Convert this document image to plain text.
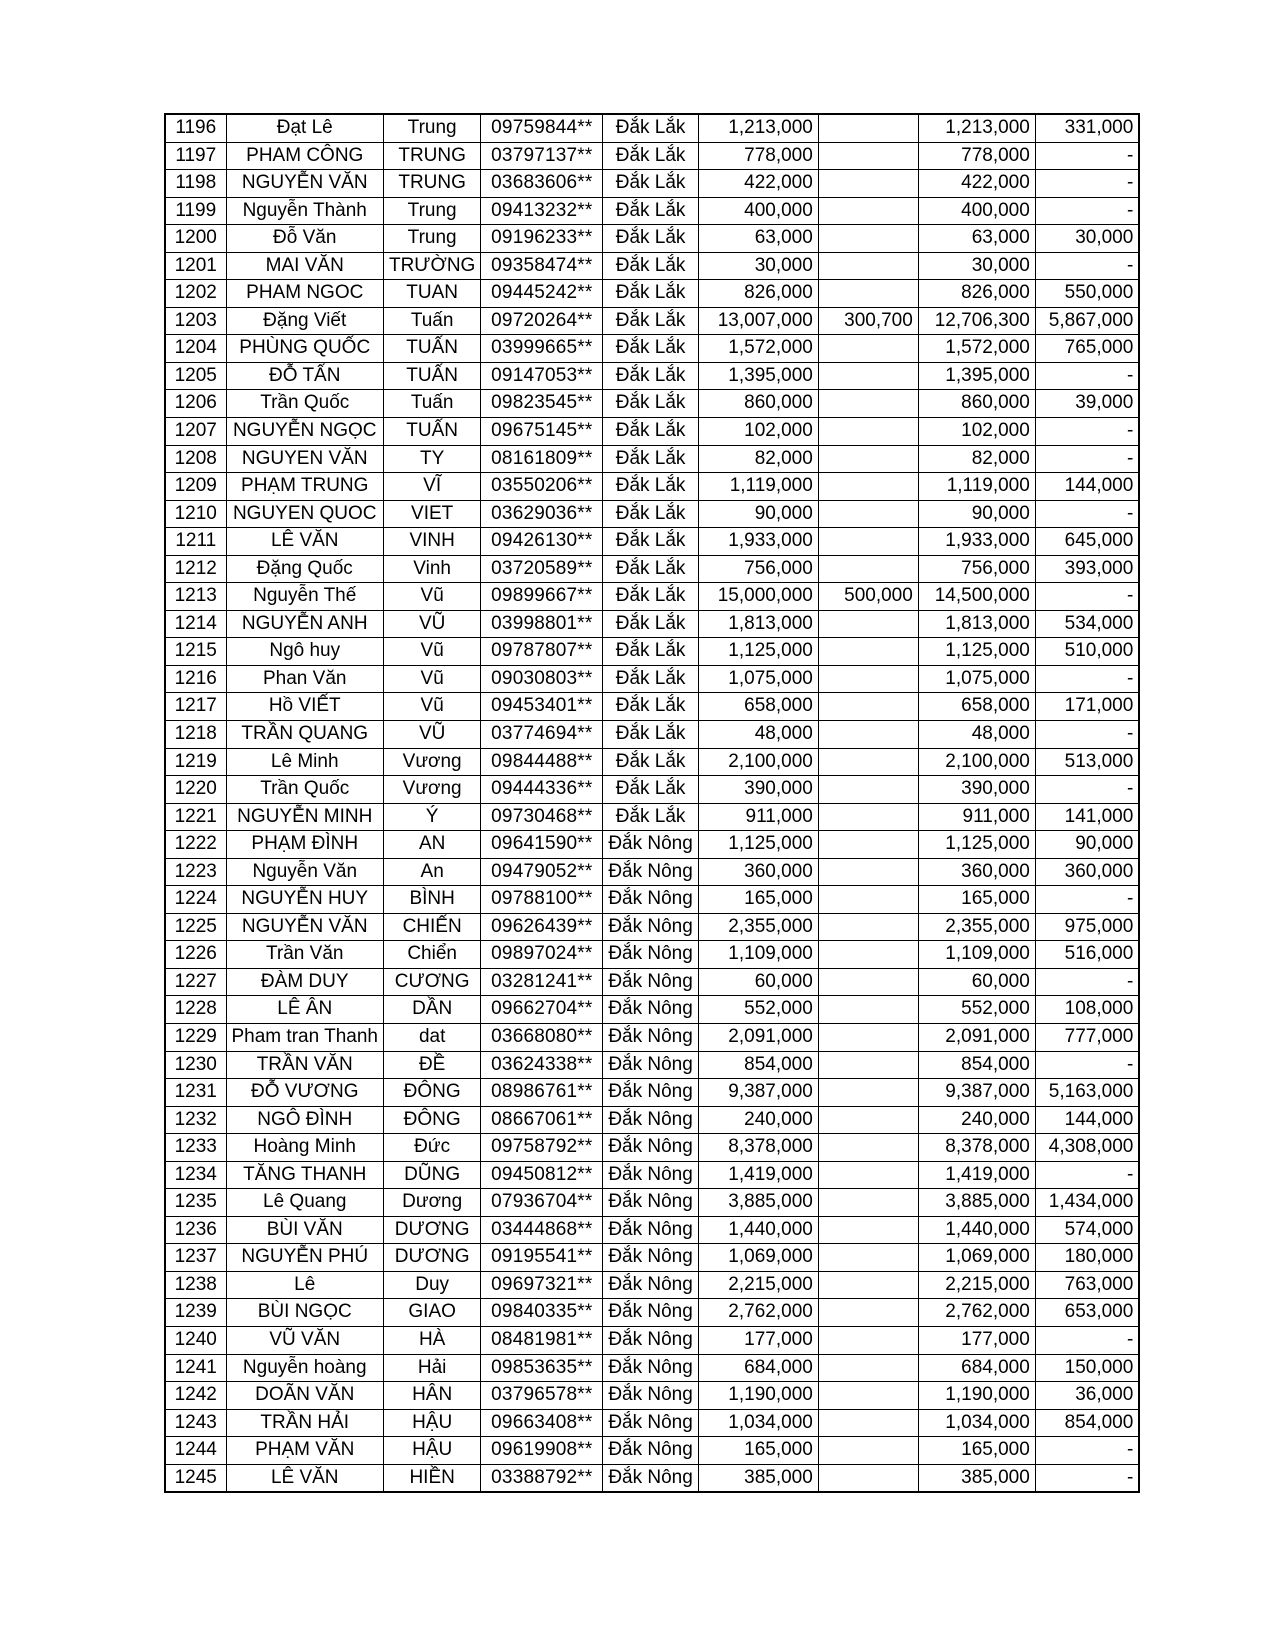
1196	Đạt Lê	Trung	09759844**	Đắk Lắk	1,213,000		1,213,000	331,000
1197	PHAM CÔNG	TRUNG	03797137**	Đắk Lắk	778,000		778,000	-
1198	NGUYỄN VĂN	TRUNG	03683606**	Đắk Lắk	422,000		422,000	-
1199	Nguyễn Thành	Trung	09413232**	Đắk Lắk	400,000		400,000	-
1200	Đỗ Văn	Trung	09196233**	Đắk Lắk	63,000		63,000	30,000
1201	MAI VĂN	TRƯỜNG	09358474**	Đắk Lắk	30,000		30,000	-
1202	PHAM NGOC	TUAN	09445242**	Đắk Lắk	826,000		826,000	550,000
1203	Đặng Viết	Tuấn	09720264**	Đắk Lắk	13,007,000	300,700	12,706,300	5,867,000
1204	PHÙNG QUỐC	TUẤN	03999665**	Đắk Lắk	1,572,000		1,572,000	765,000
1205	ĐỖ TẤN	TUẤN	09147053**	Đắk Lắk	1,395,000		1,395,000	-
1206	Trần Quốc	Tuấn	09823545**	Đắk Lắk	860,000		860,000	39,000
1207	NGUYỄN NGỌC	TUẤN	09675145**	Đắk Lắk	102,000		102,000	-
1208	NGUYEN VĂN	TY	08161809**	Đắk Lắk	82,000		82,000	-
1209	PHẠM TRUNG	VĨ	03550206**	Đắk Lắk	1,119,000		1,119,000	144,000
1210	NGUYEN QUOC	VIET	03629036**	Đắk Lắk	90,000		90,000	-
1211	LÊ VĂN	VINH	09426130**	Đắk Lắk	1,933,000		1,933,000	645,000
1212	Đặng Quốc	Vinh	03720589**	Đắk Lắk	756,000		756,000	393,000
1213	Nguyễn Thế	Vũ	09899667**	Đắk Lắk	15,000,000	500,000	14,500,000	-
1214	NGUYỄN ANH	VŨ	03998801**	Đắk Lắk	1,813,000		1,813,000	534,000
1215	Ngô huy	Vũ	09787807**	Đắk Lắk	1,125,000		1,125,000	510,000
1216	Phan Văn	Vũ	09030803**	Đắk Lắk	1,075,000		1,075,000	-
1217	Hồ VIẾT	Vũ	09453401**	Đắk Lắk	658,000		658,000	171,000
1218	TRẦN QUANG	VŨ	03774694**	Đắk Lắk	48,000		48,000	-
1219	Lê Minh	Vương	09844488**	Đắk Lắk	2,100,000		2,100,000	513,000
1220	Trần Quốc	Vương	09444336**	Đắk Lắk	390,000		390,000	-
1221	NGUYỄN MINH	Ý	09730468**	Đắk Lắk	911,000		911,000	141,000
1222	PHẠM ĐÌNH	AN	09641590**	Đắk Nông	1,125,000		1,125,000	90,000
1223	Nguyễn Văn	An	09479052**	Đắk Nông	360,000		360,000	360,000
1224	NGUYỄN HUY	BÌNH	09788100**	Đắk Nông	165,000		165,000	-
1225	NGUYỄN VĂN	CHIẾN	09626439**	Đắk Nông	2,355,000		2,355,000	975,000
1226	Trần Văn	Chiển	09897024**	Đắk Nông	1,109,000		1,109,000	516,000
1227	ĐÀM DUY	CƯƠNG	03281241**	Đắk Nông	60,000		60,000	-
1228	LÊ ÂN	DẦN	09662704**	Đắk Nông	552,000		552,000	108,000
1229	Pham tran Thanh	dat	03668080**	Đắk Nông	2,091,000		2,091,000	777,000
1230	TRẦN VĂN	ĐỀ	03624338**	Đắk Nông	854,000		854,000	-
1231	ĐỖ VƯƠNG	ĐÔNG	08986761**	Đắk Nông	9,387,000		9,387,000	5,163,000
1232	NGÔ ĐÌNH	ĐÔNG	08667061**	Đắk Nông	240,000		240,000	144,000
1233	Hoàng Minh	Đức	09758792**	Đắk Nông	8,378,000		8,378,000	4,308,000
1234	TĂNG THANH	DŨNG	09450812**	Đắk Nông	1,419,000		1,419,000	-
1235	Lê Quang	Dương	07936704**	Đắk Nông	3,885,000		3,885,000	1,434,000
1236	BÙI VĂN	DƯƠNG	03444868**	Đắk Nông	1,440,000		1,440,000	574,000
1237	NGUYỄN PHÚ	DƯƠNG	09195541**	Đắk Nông	1,069,000		1,069,000	180,000
1238	Lê	Duy	09697321**	Đắk Nông	2,215,000		2,215,000	763,000
1239	BÙI NGỌC	GIAO	09840335**	Đắk Nông	2,762,000		2,762,000	653,000
1240	VŨ VĂN	HÀ	08481981**	Đắk Nông	177,000		177,000	-
1241	Nguyễn hoàng	Hải	09853635**	Đắk Nông	684,000		684,000	150,000
1242	DOÃN VĂN	HÂN	03796578**	Đắk Nông	1,190,000		1,190,000	36,000
1243	TRẦN HẢI	HẬU	09663408**	Đắk Nông	1,034,000		1,034,000	854,000
1244	PHẠM VĂN	HẬU	09619908**	Đắk Nông	165,000		165,000	-
1245	LÊ VĂN	HIỀN	03388792**	Đắk Nông	385,000		385,000	-
